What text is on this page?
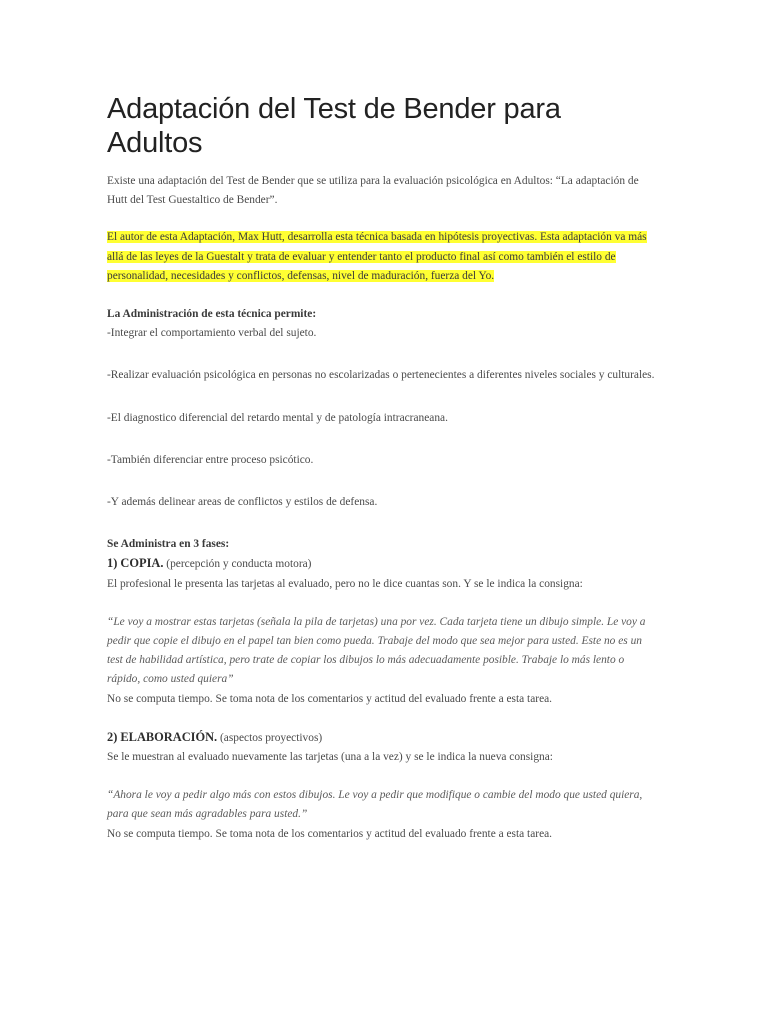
Adaptación del Test de Bender para Adultos

Existe una adaptación del Test de Bender que se utiliza para la evaluación psicológica en Adultos: “La adaptación de Hutt del Test Guestaltico de Bender”.

El autor de esta Adaptación, Max Hutt, desarrolla esta técnica basada en hipótesis proyectivas. Esta adaptación va más allá de las leyes de la Guestalt y trata de evaluar y entender tanto el producto final así como también el estilo de personalidad, necesidades y conflictos, defensas, nivel de maduración, fuerza del Yo.

La Administración de esta técnica permite:

-Integrar el comportamiento verbal del sujeto.

-Realizar evaluación psicológica en personas no escolarizadas o pertenecientes a diferentes niveles sociales y culturales.

-El diagnostico diferencial del retardo mental y de patología intracraneana.

-También diferenciar entre proceso psicótico.

-Y además delinear areas de conflictos y estilos de defensa.

Se Administra en 3 fases:

1) COPIA. (percepción y conducta motora)

El profesional le presenta las tarjetas al evaluado, pero no le dice cuantas son. Y se le indica la consigna:

“Le voy a mostrar estas tarjetas (señala la pila de tarjetas) una por vez. Cada tarjeta tiene un dibujo simple. Le voy a pedir que copie el dibujo en el papel tan bien como pueda. Trabaje del modo que sea mejor para usted. Este no es un test de habilidad artística, pero trate de copiar los dibujos lo más adecuadamente posible. Trabaje lo más lento o rápido, como usted quiera”

No se computa tiempo. Se toma nota de los comentarios y actitud del evaluado frente a esta tarea.

2) ELABORACIÓN. (aspectos proyectivos)

Se le muestran al evaluado nuevamente las tarjetas (una a la vez) y se le indica la nueva consigna:

“Ahora le voy a pedir algo más con estos dibujos. Le voy a pedir que modifique o cambie del modo que usted quiera, para que sean más agradables para usted.”

No se computa tiempo. Se toma nota de los comentarios y actitud del evaluado frente a esta tarea.
